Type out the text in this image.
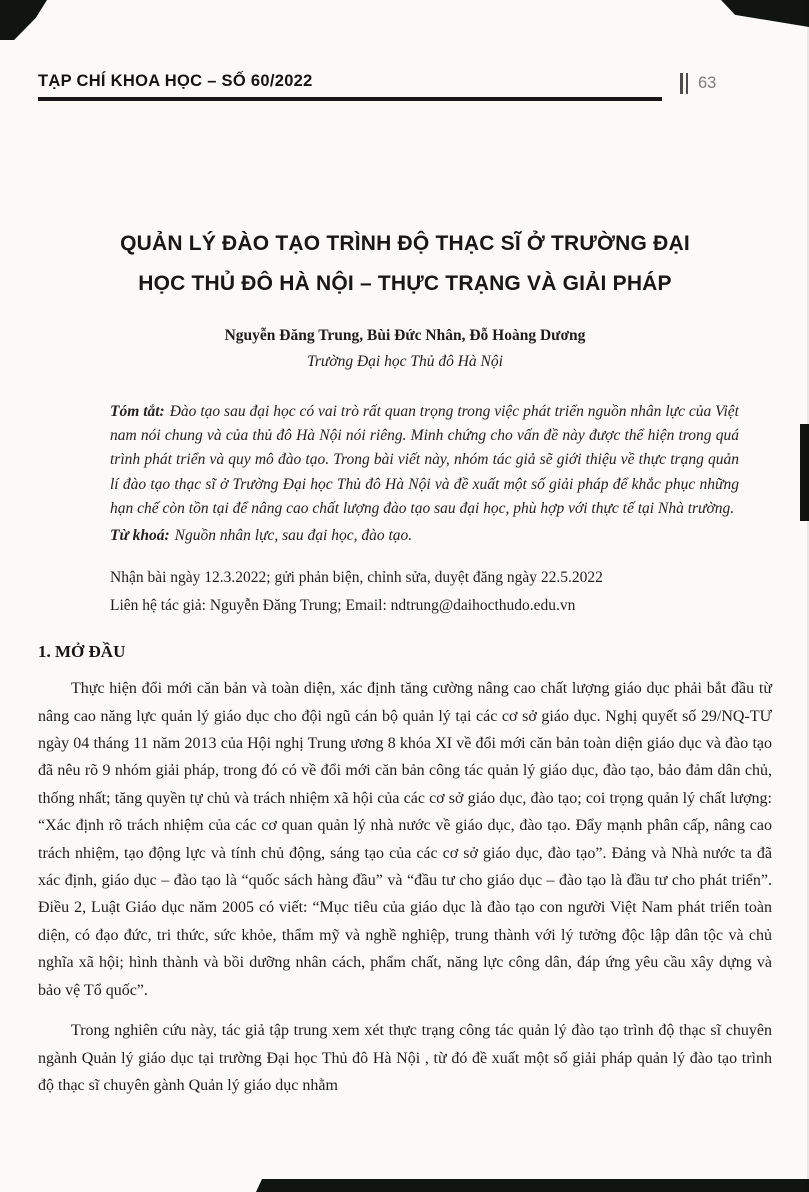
TẠP CHÍ KHOA HỌC – SỐ 60/2022	63
QUẢN LÝ ĐÀO TẠO TRÌNH ĐỘ THẠC SĨ Ở TRƯỜNG ĐẠI
HỌC THỦ ĐÔ HÀ NỘI – THỰC TRẠNG VÀ GIẢI PHÁP
Nguyễn Đăng Trung, Bùi Đức Nhân, Đỗ Hoàng Dương
Trường Đại học Thủ đô Hà Nội

Tóm tắt: Đào tạo sau đại học có vai trò rất quan trọng trong việc phát triển nguồn nhân lực của Việt nam nói chung và của thủ đô Hà Nội nói riêng. Minh chứng cho vấn đề này được thể hiện trong quá trình phát triển và quy mô đào tạo. Trong bài viết này, nhóm tác giả sẽ giới thiệu về thực trạng quản lí đào tạo thạc sĩ ở Trường Đại học Thủ đô Hà Nội và đề xuất một số giải pháp để khắc phục những hạn chế còn tồn tại để nâng cao chất lượng đào tạo sau đại học, phù hợp với thực tế tại Nhà trường.

Từ khoá: Nguồn nhân lực, sau đại học, đào tạo.

Nhận bài ngày 12.3.2022; gửi phản biện, chỉnh sửa, duyệt đăng ngày 22.5.2022
Liên hệ tác giả: Nguyễn Đăng Trung; Email: ndtrung@daihocthudo.edu.vn
1. MỞ ĐẦU

Thực hiện đổi mới căn bản và toàn diện, xác định tăng cường nâng cao chất lượng giáo dục phải bắt đầu từ nâng cao năng lực quản lý giáo dục cho đội ngũ cán bộ quản lý tại các cơ sở giáo dục. Nghị quyết số 29/NQ-TƯ ngày 04 tháng 11 năm 2013 của Hội nghị Trung ương 8 khóa XI về đổi mới căn bản toàn diện giáo dục và đào tạo đã nêu rõ 9 nhóm giải pháp, trong đó có về đổi mới căn bản công tác quản lý giáo dục, đào tạo, bảo đảm dân chủ, thống nhất; tăng quyền tự chủ và trách nhiệm xã hội của các cơ sở giáo dục, đào tạo; coi trọng quản lý chất lượng: “Xác định rõ trách nhiệm của các cơ quan quản lý nhà nước về giáo dục, đào tạo. Đẩy mạnh phân cấp, nâng cao trách nhiệm, tạo động lực và tính chủ động, sáng tạo của các cơ sở giáo dục, đào tạo”. Đảng và Nhà nước ta đã xác định, giáo dục – đào tạo là “quốc sách hàng đầu” và “đầu tư cho giáo dục – đào tạo là đầu tư cho phát triển”. Điều 2, Luật Giáo dục năm 2005 có viết: “Mục tiêu của giáo dục là đào tạo con người Việt Nam phát triển toàn diện, có đạo đức, tri thức, sức khỏe, thẩm mỹ và nghề nghiệp, trung thành với lý tưởng độc lập dân tộc và chủ nghĩa xã hội; hình thành và bồi dưỡng nhân cách, phẩm chất, năng lực công dân, đáp ứng yêu cầu xây dựng và bảo vệ Tổ quốc”.

Trong nghiên cứu này, tác giả tập trung xem xét thực trạng công tác quản lý đào tạo trình độ thạc sĩ chuyên ngành Quản lý giáo dục tại trường Đại học Thủ đô Hà Nội , từ đó đề xuất một số giải pháp quản lý đào tạo trình độ thạc sĩ chuyên gành Quản lý giáo dục nhằm
